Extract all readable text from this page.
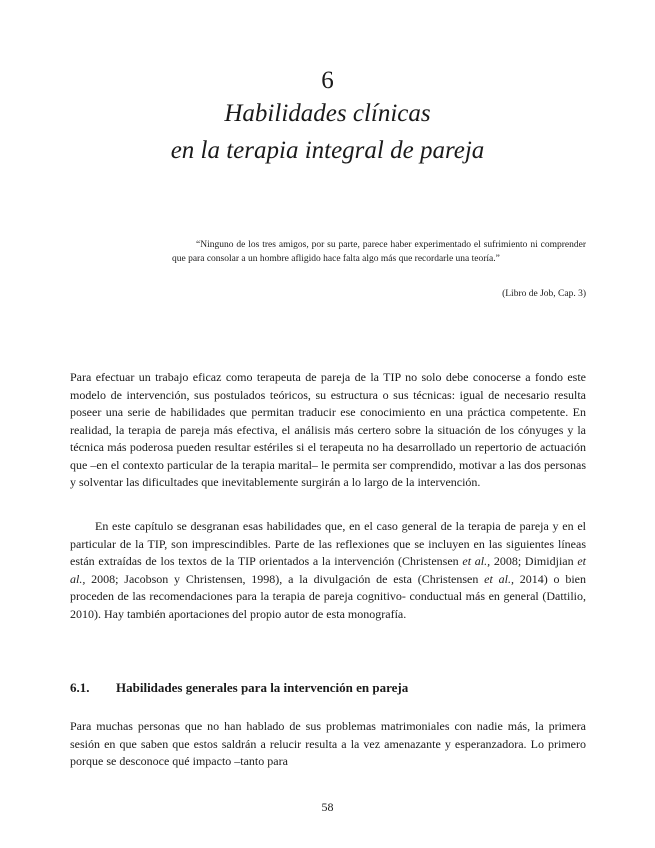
6
Habilidades clínicas
en la terapia integral de pareja

“Ninguno de los tres amigos, por su parte, parece haber experimentado el sufrimiento ni comprender que para consolar a un hombre afligido hace falta algo más que recordarle una teoría.”

(Libro de Job, Cap. 3)

Para efectuar un trabajo eficaz como terapeuta de pareja de la TIP no solo debe conocerse a fondo este modelo de intervención, sus postulados teóricos, su estructura o sus técnicas: igual de necesario resulta poseer una serie de habilidades que permitan traducir ese conocimiento en una práctica competente. En realidad, la terapia de pareja más efectiva, el análisis más certero sobre la situación de los cónyuges y la técnica más poderosa pueden resultar estériles si el terapeuta no ha desarrollado un repertorio de actuación que –en el contexto particular de la terapia marital– le permita ser comprendido, motivar a las dos personas y solventar las dificultades que inevitablemente surgirán a lo largo de la intervención.

En este capítulo se desgranan esas habilidades que, en el caso general de la terapia de pareja y en el particular de la TIP, son imprescindibles. Parte de las reflexiones que se incluyen en las siguientes líneas están extraídas de los textos de la TIP orientados a la intervención (Christensen et al., 2008; Dimidjian et al., 2008; Jacobson y Christensen, 1998), a la divulgación de esta (Christensen et al., 2014) o bien proceden de las recomendaciones para la terapia de pareja cognitivo- conductual más en general (Dattilio, 2010). Hay también aportaciones del propio autor de esta monografía.

6.1. Habilidades generales para la intervención en pareja

Para muchas personas que no han hablado de sus problemas matrimoniales con nadie más, la primera sesión en que saben que estos saldrán a relucir resulta a la vez amenazante y esperanzadora. Lo primero porque se desconoce qué impacto –tanto para

58
